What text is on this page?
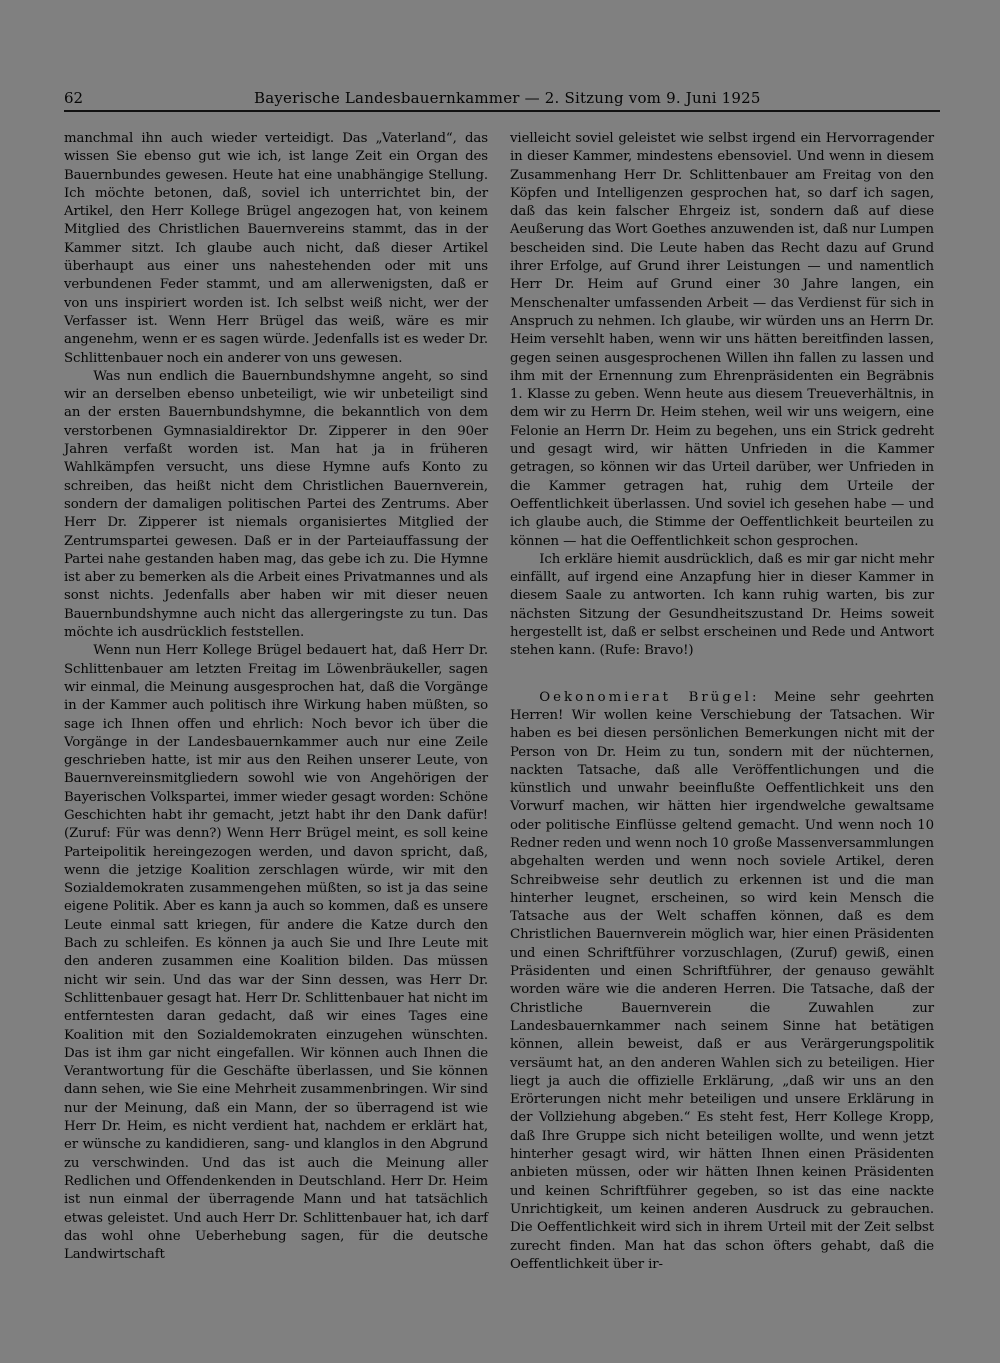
62	Bayerische Landesbauernkammer — 2. Sitzung vom 9. Juni 1925

manchmal ihn auch wieder verteidigt. Das „Vaterland“, das wissen Sie ebenso gut wie ich, ist lange Zeit ein Organ des Bauernbundes gewesen. Heute hat eine unabhängige Stellung. Ich möchte betonen, daß, soviel ich unterrichtet bin, der Artikel, den Herr Kollege Brügel angezogen hat, von keinem Mitglied des Christlichen Bauernvereins stammt, das in der Kammer sitzt. Ich glaube auch nicht, daß dieser Artikel überhaupt aus einer uns nahestehenden oder mit uns verbundenen Feder stammt, und am allerwenigsten, daß er von uns inspiriert worden ist. Ich selbst weiß nicht, wer der Verfasser ist. Wenn Herr Brügel das weiß, wäre es mir angenehm, wenn er es sagen würde. Jedenfalls ist es weder Dr. Schlittenbauer noch ein anderer von uns gewesen.

Was nun endlich die Bauernbundshymne angeht, so sind wir an derselben ebenso unbeteiligt, wie wir unbeteiligt sind an der ersten Bauernbundshymne, die bekanntlich von dem verstorbenen Gymnasialdirektor Dr. Zipperer in den 90er Jahren verfaßt worden ist. Man hat ja in früheren Wahlkämpfen versucht, uns diese Hymne aufs Konto zu schreiben, das heißt nicht dem Christlichen Bauernverein, sondern der damaligen politischen Partei des Zentrums. Aber Herr Dr. Zipperer ist niemals organisiertes Mitglied der Zentrumspartei gewesen. Daß er in der Parteiauffassung der Partei nahe gestanden haben mag, das gebe ich zu. Die Hymne ist aber zu bemerken als die Arbeit eines Privatmannes und als sonst nichts. Jedenfalls aber haben wir mit dieser neuen Bauernbundshymne auch nicht das allergeringste zu tun. Das möchte ich ausdrücklich feststellen.

Wenn nun Herr Kollege Brügel bedauert hat, daß Herr Dr. Schlittenbauer am letzten Freitag im Löwenbräukeller, sagen wir einmal, die Meinung ausgesprochen hat, daß die Vorgänge in der Kammer auch politisch ihre Wirkung haben müßten, so sage ich Ihnen offen und ehrlich: Noch bevor ich über die Vorgänge in der Landesbauernkammer auch nur eine Zeile geschrieben hatte, ist mir aus den Reihen unserer Leute, von Bauernvereinsmitgliedern sowohl wie von Angehörigen der Bayerischen Volkspartei, immer wieder gesagt worden: Schöne Geschichten habt ihr gemacht, jetzt habt ihr den Dank dafür! (Zuruf: Für was denn?) Wenn Herr Brügel meint, es soll keine Parteipolitik hereingezogen werden, und davon spricht, daß, wenn die jetzige Koalition zerschlagen würde, wir mit den Sozialdemokraten zusammengehen müßten, so ist ja das seine eigene Politik. Aber es kann ja auch so kommen, daß es unsere Leute einmal satt kriegen, für andere die Katze durch den Bach zu schleifen. Es können ja auch Sie und Ihre Leute mit den anderen zusammen eine Koalition bilden. Das müssen nicht wir sein. Und das war der Sinn dessen, was Herr Dr. Schlittenbauer gesagt hat. Herr Dr. Schlittenbauer hat nicht im entferntesten daran gedacht, daß wir eines Tages eine Koalition mit den Sozialdemokraten einzugehen wünschten. Das ist ihm gar nicht eingefallen. Wir können auch Ihnen die Verantwortung für die Geschäfte überlassen, und Sie können dann sehen, wie Sie eine Mehrheit zusammenbringen. Wir sind nur der Meinung, daß ein Mann, der so überragend ist wie Herr Dr. Heim, es nicht verdient hat, nachdem er erklärt hat, er wünsche zu kandidieren, sang- und klanglos in den Abgrund zu verschwinden. Und das ist auch die Meinung aller Redlichen und Offendenkenden in Deutschland. Herr Dr. Heim ist nun einmal der überragende Mann und hat tatsächlich etwas geleistet. Und auch Herr Dr. Schlittenbauer hat, ich darf das wohl ohne Ueberhebung sagen, für die deutsche Landwirtschaft

vielleicht soviel geleistet wie selbst irgend ein Hervorragender in dieser Kammer, mindestens ebensoviel. Und wenn in diesem Zusammenhang Herr Dr. Schlittenbauer am Freitag von den Köpfen und Intelligenzen gesprochen hat, so darf ich sagen, daß das kein falscher Ehrgeiz ist, sondern daß auf diese Aeußerung das Wort Goethes anzuwenden ist, daß nur Lumpen bescheiden sind. Die Leute haben das Recht dazu auf Grund ihrer Erfolge, auf Grund ihrer Leistungen — und namentlich Herr Dr. Heim auf Grund einer 30 Jahre langen, ein Menschenalter umfassenden Arbeit — das Verdienst für sich in Anspruch zu nehmen. Ich glaube, wir würden uns an Herrn Dr. Heim versehlt haben, wenn wir uns hätten bereitfinden lassen, gegen seinen ausgesprochenen Willen ihn fallen zu lassen und ihm mit der Ernennung zum Ehrenpräsidenten ein Begräbnis 1. Klasse zu geben. Wenn heute aus diesem Treueverhältnis, in dem wir zu Herrn Dr. Heim stehen, weil wir uns weigern, eine Felonie an Herrn Dr. Heim zu begehen, uns ein Strick gedreht und gesagt wird, wir hätten Unfrieden in die Kammer getragen, so können wir das Urteil darüber, wer Unfrieden in die Kammer getragen hat, ruhig dem Urteile der Oeffentlichkeit überlassen. Und soviel ich gesehen habe — und ich glaube auch, die Stimme der Oeffentlichkeit beurteilen zu können — hat die Oeffentlichkeit schon gesprochen.

Ich erkläre hiemit ausdrücklich, daß es mir gar nicht mehr einfällt, auf irgend eine Anzapfung hier in dieser Kammer in diesem Saale zu antworten. Ich kann ruhig warten, bis zur nächsten Sitzung der Gesundheitszustand Dr. Heims soweit hergestellt ist, daß er selbst erscheinen und Rede und Antwort stehen kann. (Rufe: Bravo!)

Oekonomierat Brügel: Meine sehr geehrten Herren! Wir wollen keine Verschiebung der Tatsachen. Wir haben es bei diesen persönlichen Bemerkungen nicht mit der Person von Dr. Heim zu tun, sondern mit der nüchternen, nackten Tatsache, daß alle Veröffentlichungen und die künstlich und unwahr beeinflußte Oeffentlichkeit uns den Vorwurf machen, wir hätten hier irgendwelche gewaltsame oder politische Einflüsse geltend gemacht. Und wenn noch 10 Redner reden und wenn noch 10 große Massenversammlungen abgehalten werden und wenn noch soviele Artikel, deren Schreibweise sehr deutlich zu erkennen ist und die man hinterher leugnet, erscheinen, so wird kein Mensch die Tatsache aus der Welt schaffen können, daß es dem Christlichen Bauernverein möglich war, hier einen Präsidenten und einen Schriftführer vorzuschlagen, (Zuruf) gewiß, einen Präsidenten und einen Schriftführer, der genauso gewählt worden wäre wie die anderen Herren. Die Tatsache, daß der Christliche Bauernverein die Zuwahlen zur Landesbauernkammer nach seinem Sinne hat betätigen können, allein beweist, daß er aus Verärgerungspolitik versäumt hat, an den anderen Wahlen sich zu beteiligen. Hier liegt ja auch die offizielle Erklärung, „daß wir uns an den Erörterungen nicht mehr beteiligen und unsere Erklärung in der Vollziehung abgeben.“ Es steht fest, Herr Kollege Kropp, daß Ihre Gruppe sich nicht beteiligen wollte, und wenn jetzt hinterher gesagt wird, wir hätten Ihnen einen Präsidenten anbieten müssen, oder wir hätten Ihnen keinen Präsidenten und keinen Schriftführer gegeben, so ist das eine nackte Unrichtigkeit, um keinen anderen Ausdruck zu gebrauchen. Die Oeffentlichkeit wird sich in ihrem Urteil mit der Zeit selbst zurecht finden. Man hat das schon öfters gehabt, daß die Oeffentlichkeit über ir-
